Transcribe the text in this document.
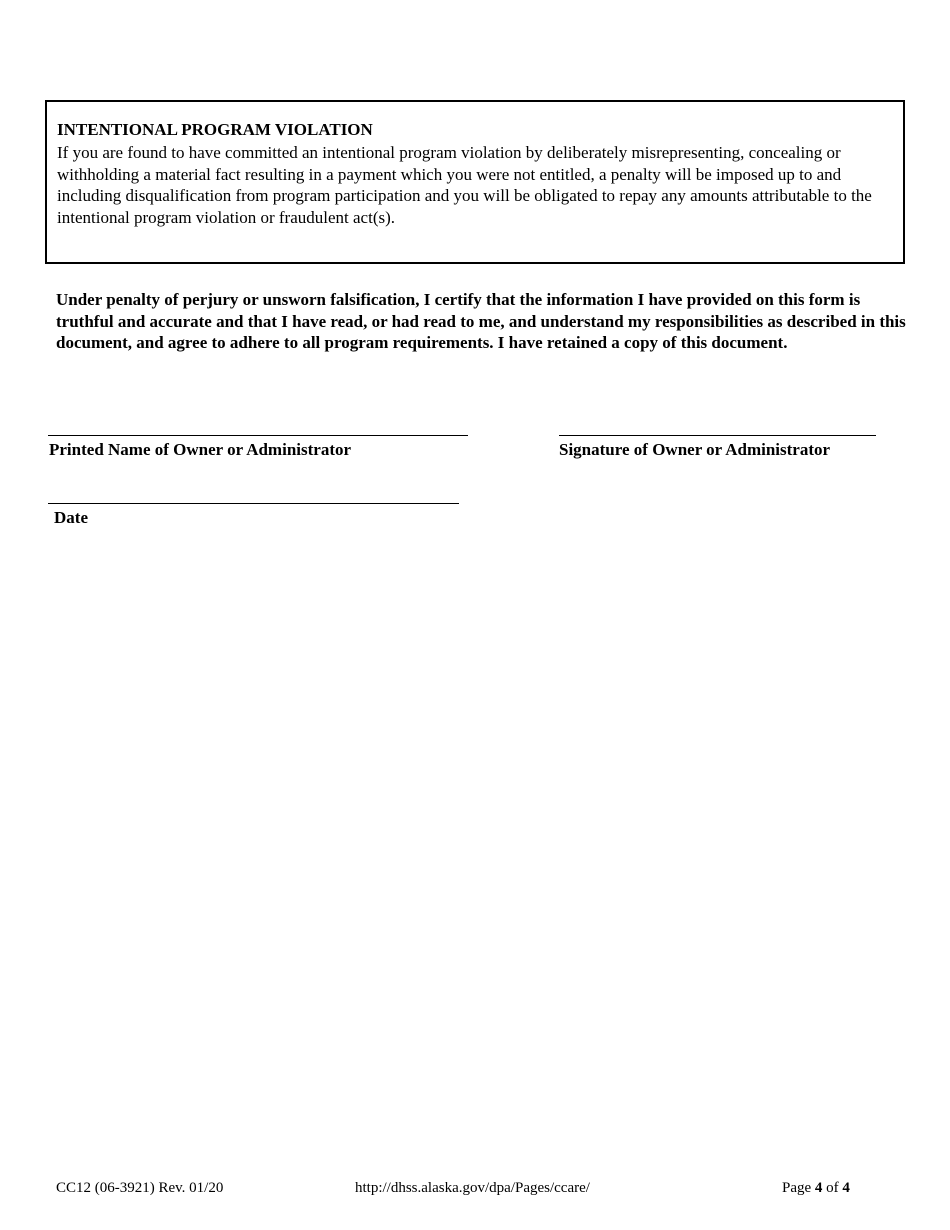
INTENTIONAL PROGRAM VIOLATION
If you are found to have committed an intentional program violation by deliberately misrepresenting, concealing or withholding a material fact resulting in a payment which you were not entitled, a penalty will be imposed up to and including disqualification from program participation and you will be obligated to repay any amounts attributable to the intentional program violation or fraudulent act(s).
Under penalty of perjury or unsworn falsification, I certify that the information I have provided on this form is truthful and accurate and that I have read, or had read to me, and understand my responsibilities as described in this document, and agree to adhere to all program requirements. I have retained a copy of this document.
Printed Name of Owner or Administrator	Signature of Owner or Administrator
Date
CC12 (06-3921) Rev. 01/20	http://dhss.alaska.gov/dpa/Pages/ccare/	Page 4 of 4
